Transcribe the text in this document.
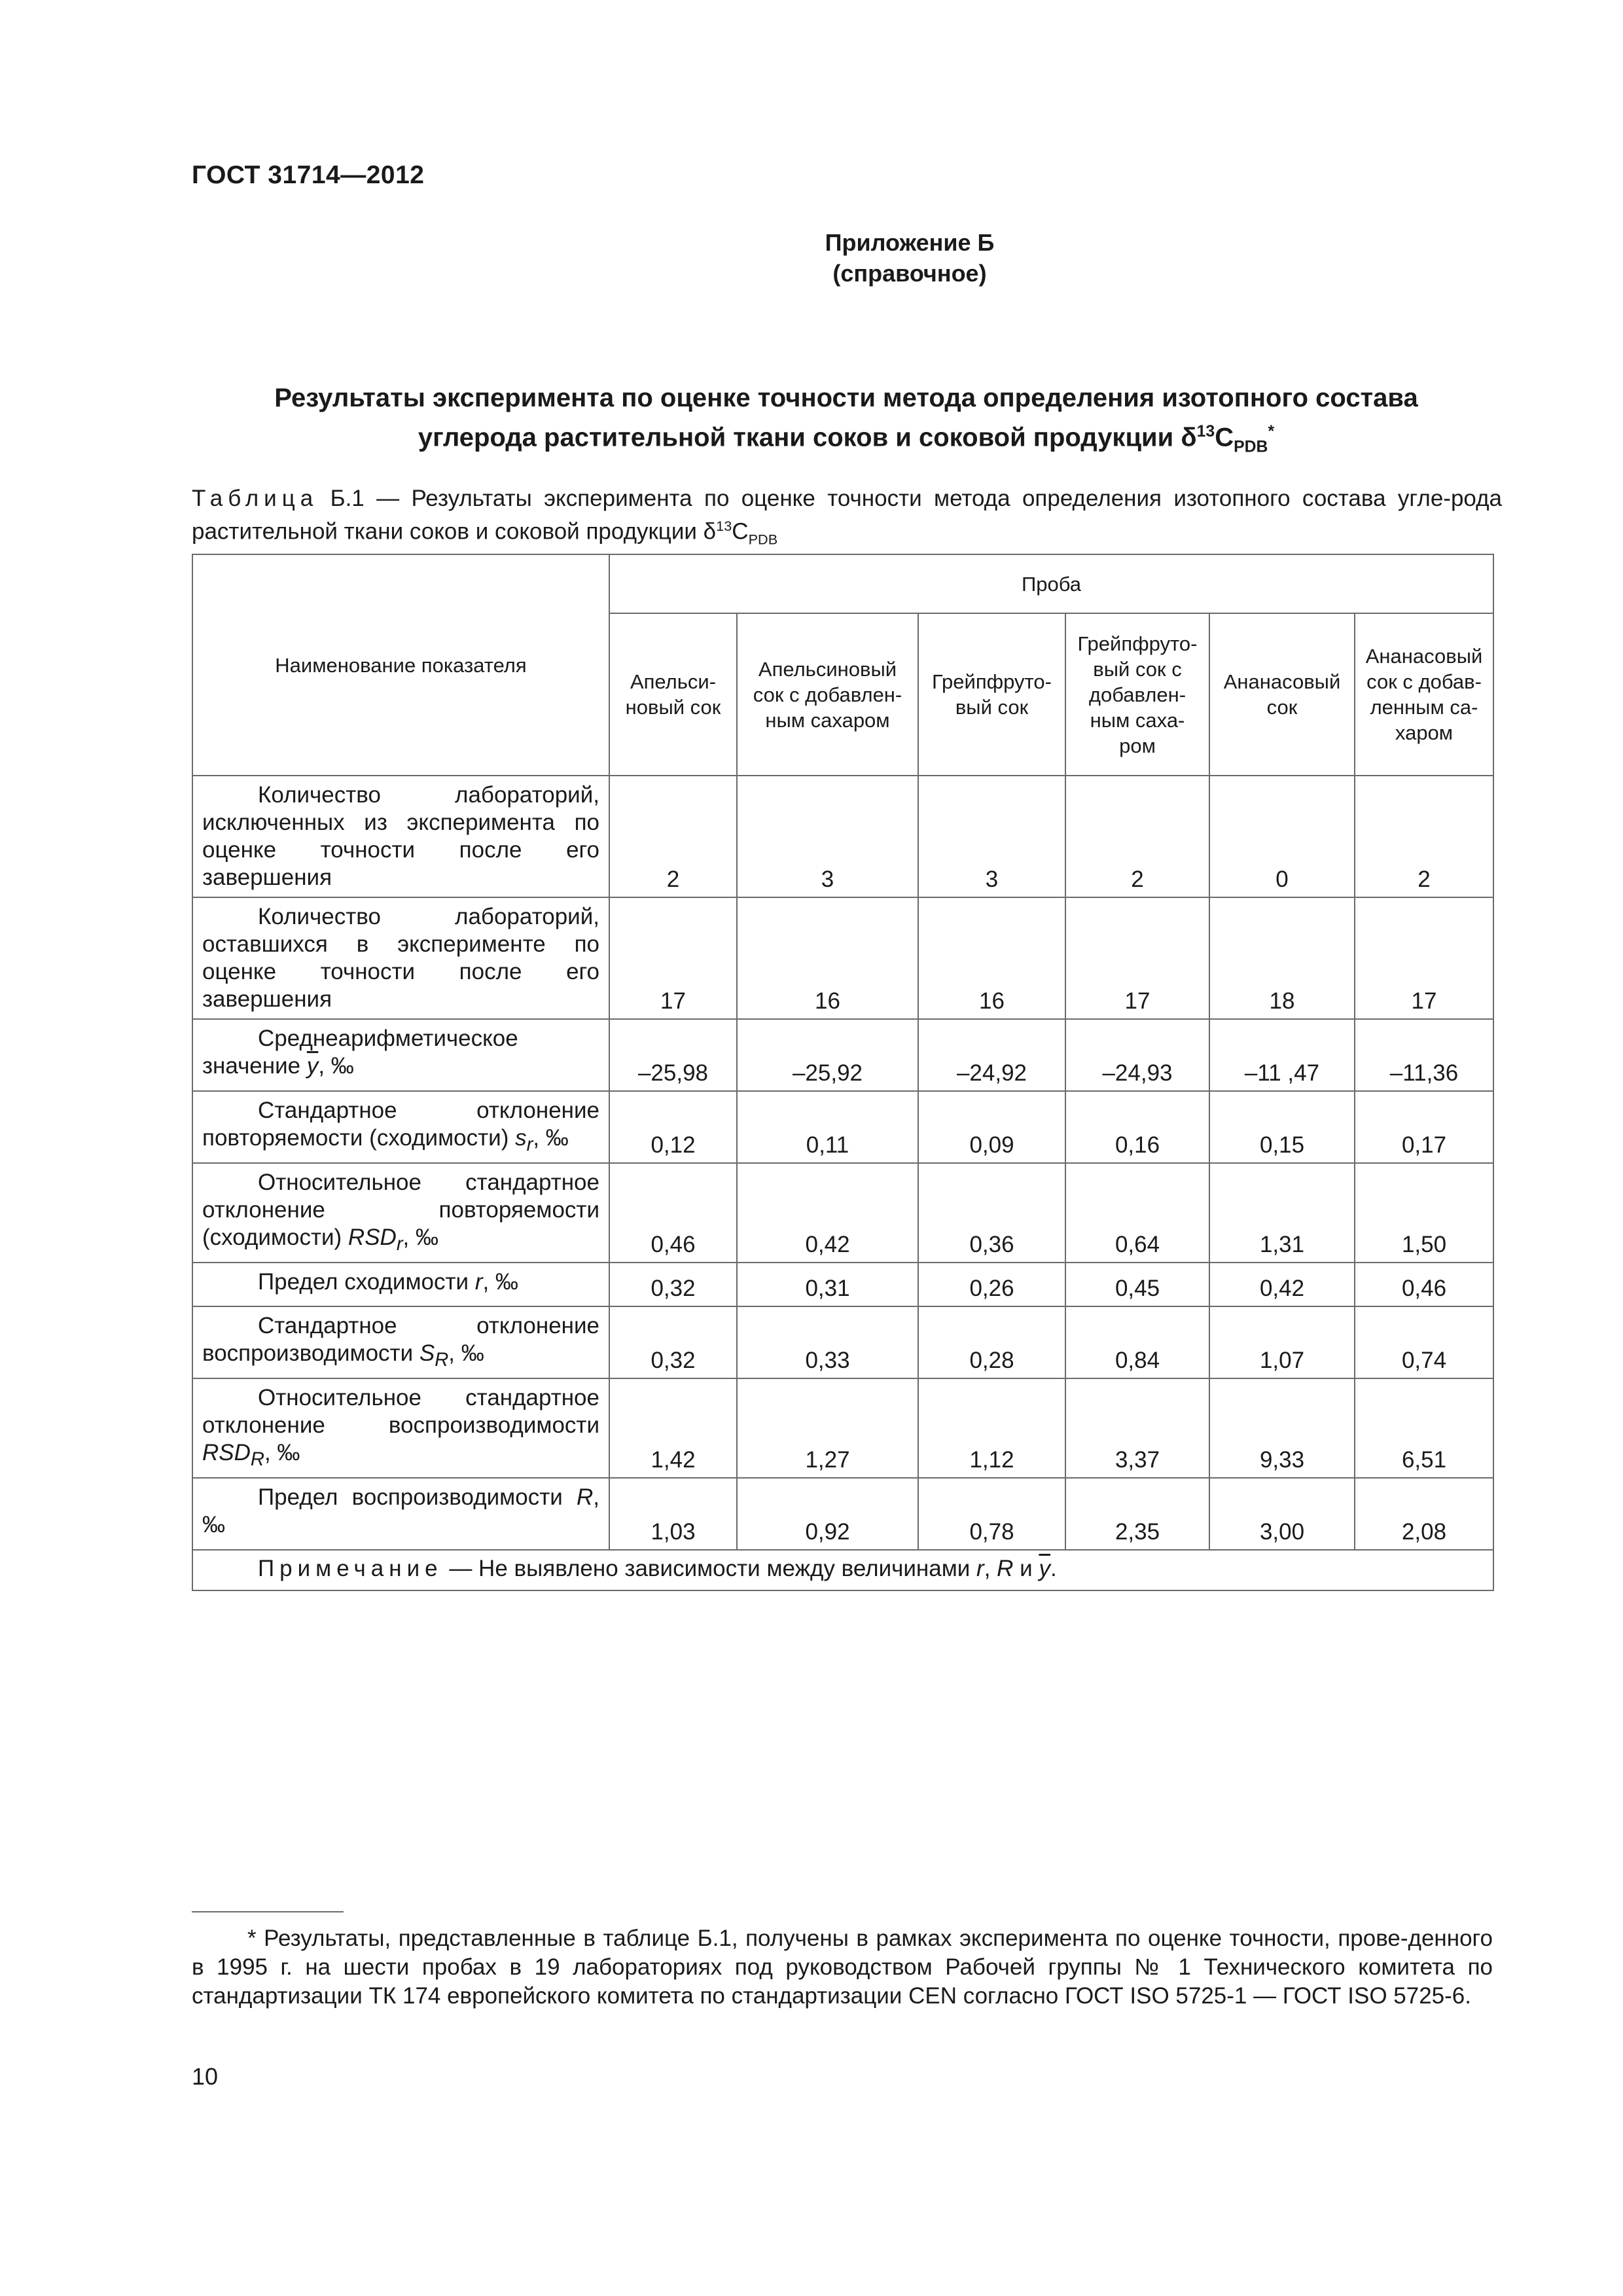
ГОСТ 31714—2012
Приложение Б
(справочное)
Результаты эксперимента по оценке точности метода определения изотопного состава
углерода растительной ткани соков и соковой продукции $\delta^{13}C_{PDB}^*$
Таблица Б.1 — Результаты эксперимента по оценке точности метода определения изотопного состава угле-рода растительной ткани соков и соковой продукции $\delta^{13}C_{PDB}$
Наименование показателя	Проба					
	Апельси-новый сок	Апельсиновый сок с добавлен-ным сахаром	Грейпфруто-вый сок	Грейпфруто-вый сок с добавлен-ным саха-ром	Ананасовый сок	Ананасовый сок с добав-ленным са-харом
Количество лабораторий, исключенных из эксперимента по оценке точности после его завершения	2	3	3	2	0	2
Количество лабораторий, оставшихся в эксперименте по оценке точности после его завершения	17	16	16	17	18	17
Среднеарифметическое значение $\overline{y}$, ‰	–25,98	–25,92	–24,92	–24,93	–11 ,47	–11,36
Стандартное отклонение повторяемости (сходимости) $s_r$, ‰	0,12	0,11	0,09	0,16	0,15	0,17
Относительное стандартное отклонение повторяемости (сходимости) $RSD_r$, ‰	0,46	0,42	0,36	0,64	1,31	1,50
Предел сходимости r, ‰	0,32	0,31	0,26	0,45	0,42	0,46
Стандартное отклонение воспроизводимости $S_R$, ‰	0,32	0,33	0,28	0,84	1,07	0,74
Относительное стандартное отклонение воспроизводимости $RSD_R$, ‰	1,42	1,27	1,12	3,37	9,33	6,51
Предел воспроизводимости R, ‰	1,03	0,92	0,78	2,35	3,00	2,08
Примечание — Не выявлено зависимости между величинами r, R и $\overline{y}$.						
* Результаты, представленные в таблице Б.1, получены в рамках эксперимента по оценке точности, прове-денного в 1995 г. на шести пробах в 19 лабораториях под руководством Рабочей группы № 1 Технического комитета по стандартизации ТК 174 европейского комитета по стандартизации CEN согласно ГОСТ ISO 5725-1 — ГОСТ ISO 5725-6.
10
